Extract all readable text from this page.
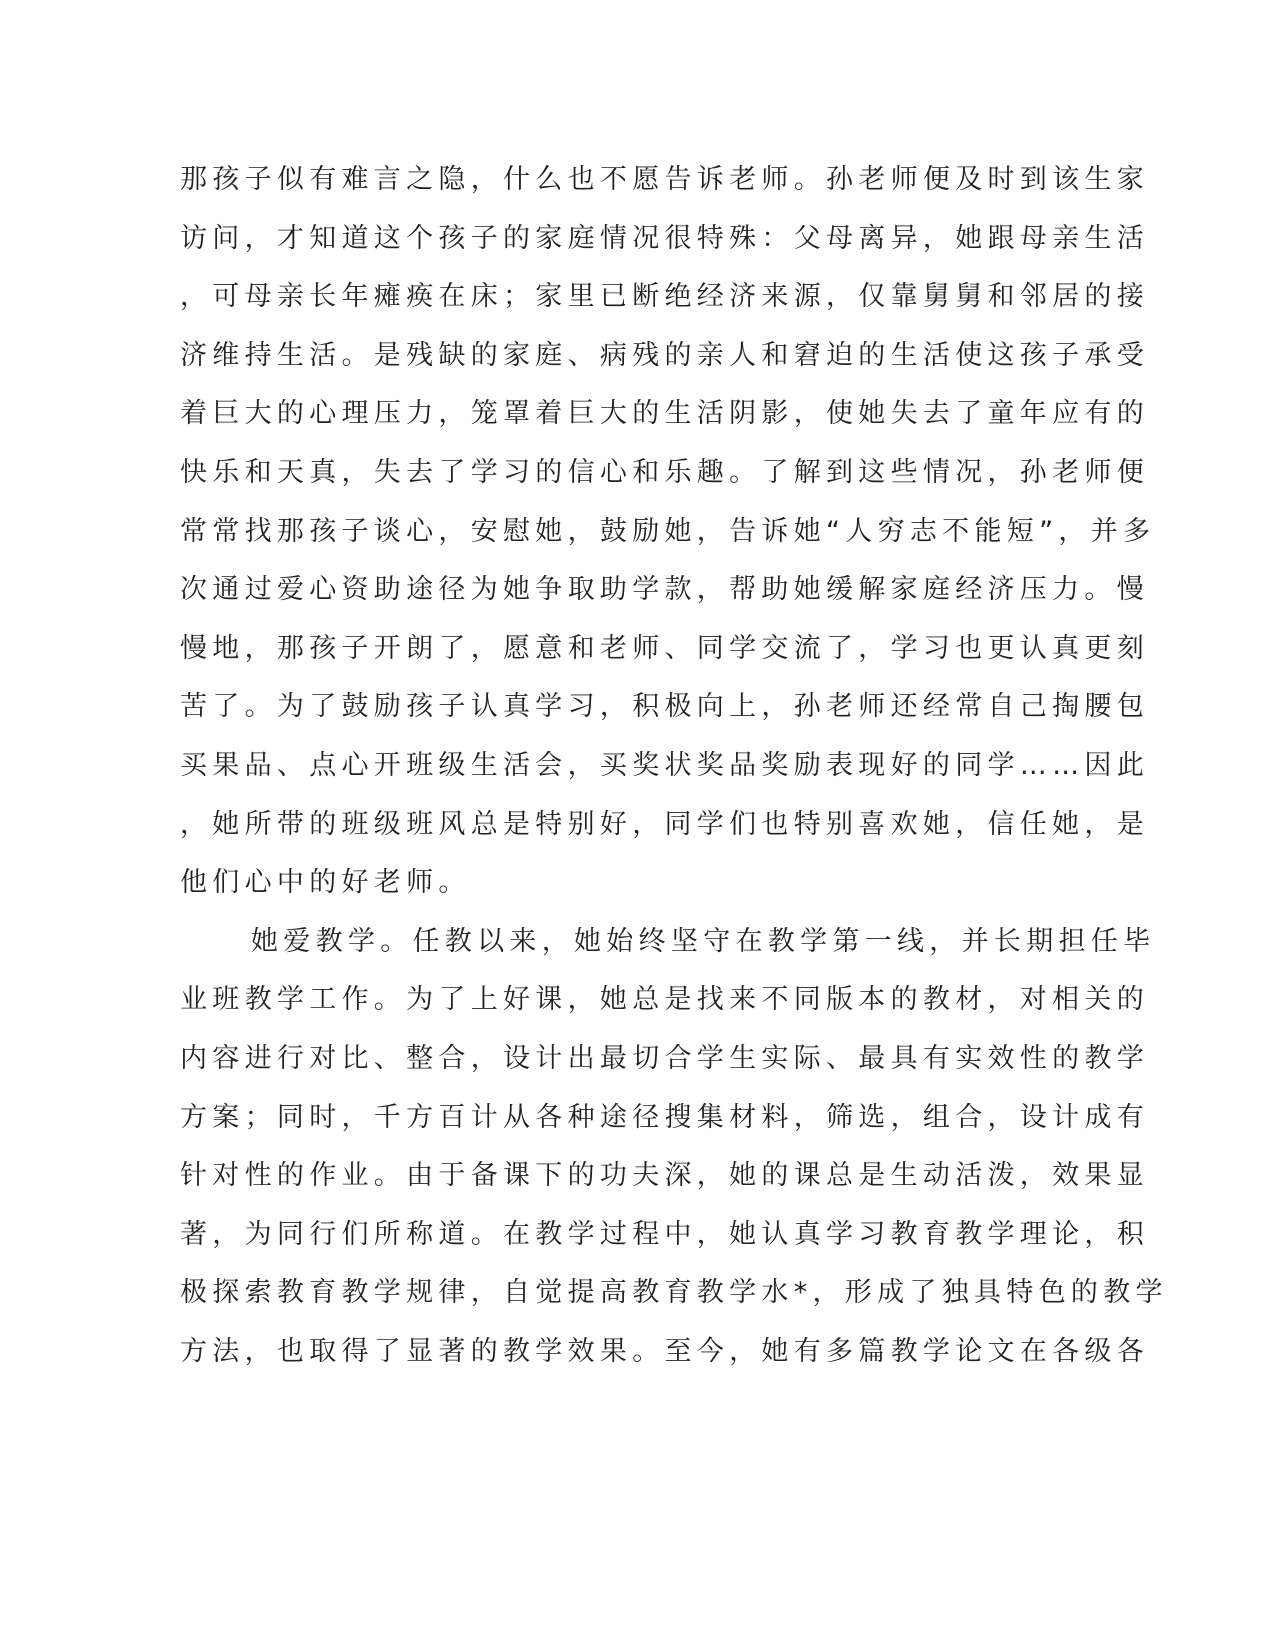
那孩子似有难言之隐，什么也不愿告诉老师。孙老师便及时到该生家
访问，才知道这个孩子的家庭情况很特殊：父母离异，她跟母亲生活
，可母亲长年瘫痪在床；家里已断绝经济来源，仅靠舅舅和邻居的接
济维持生活。是残缺的家庭、病残的亲人和窘迫的生活使这孩子承受
着巨大的心理压力，笼罩着巨大的生活阴影，使她失去了童年应有的
快乐和天真，失去了学习的信心和乐趣。了解到这些情况，孙老师便
常常找那孩子谈心，安慰她，鼓励她，告诉她“人穷志不能短”，并多
次通过爱心资助途径为她争取助学款，帮助她缓解家庭经济压力。慢
慢地，那孩子开朗了，愿意和老师、同学交流了，学习也更认真更刻
苦了。为了鼓励孩子认真学习，积极向上，孙老师还经常自己掏腰包
买果品、点心开班级生活会，买奖状奖品奖励表现好的同学……因此
，她所带的班级班风总是特别好，同学们也特别喜欢她，信任她，是
他们心中的好老师。
她爱教学。任教以来，她始终坚守在教学第一线，并长期担任毕
业班教学工作。为了上好课，她总是找来不同版本的教材，对相关的
内容进行对比、整合，设计出最切合学生实际、最具有实效性的教学
方案；同时，千方百计从各种途径搜集材料，筛选，组合，设计成有
针对性的作业。由于备课下的功夫深，她的课总是生动活泼，效果显
著，为同行们所称道。在教学过程中，她认真学习教育教学理论，积
极探索教育教学规律，自觉提高教育教学水*，形成了独具特色的教学
方法，也取得了显著的教学效果。至今，她有多篇教学论文在各级各
